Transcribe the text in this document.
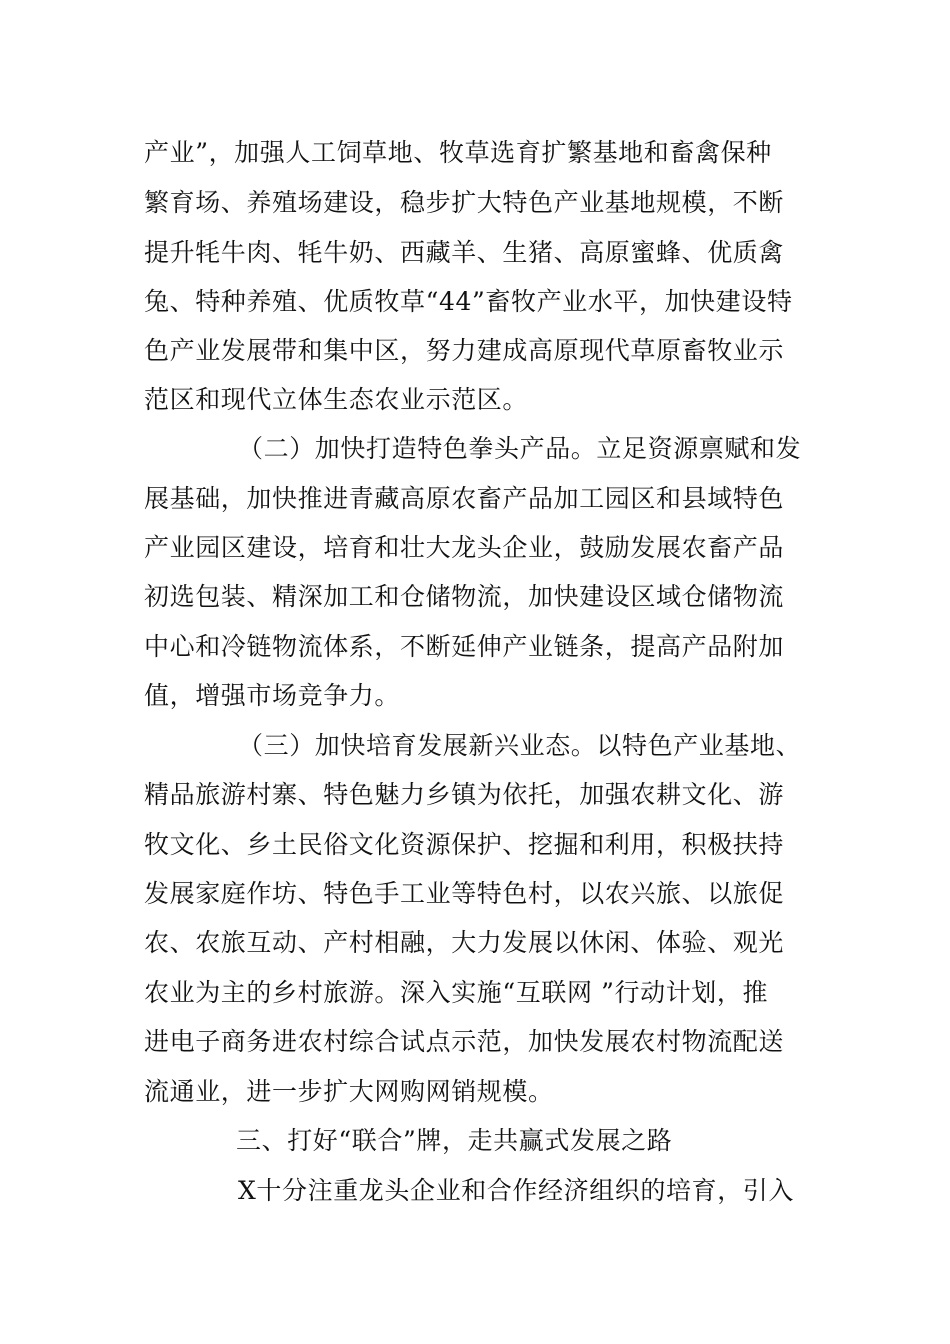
产业”，加强人工饲草地、牧草选育扩繁基地和畜禽保种
繁育场、养殖场建设，稳步扩大特色产业基地规模，不断
提升牦牛肉、牦牛奶、西藏羊、生猪、高原蜜蜂、优质禽
兔、特种养殖、优质牧草“44”畜牧产业水平，加快建设特
色产业发展带和集中区，努力建成高原现代草原畜牧业示
范区和现代立体生态农业示范区。
（二）加快打造特色拳头产品。立足资源禀赋和发
展基础，加快推进青藏高原农畜产品加工园区和县域特色
产业园区建设，培育和壮大龙头企业，鼓励发展农畜产品
初选包装、精深加工和仓储物流，加快建设区域仓储物流
中心和冷链物流体系，不断延伸产业链条，提高产品附加
值，增强市场竞争力。
（三）加快培育发展新兴业态。以特色产业基地、
精品旅游村寨、特色魅力乡镇为依托，加强农耕文化、游
牧文化、乡土民俗文化资源保护、挖掘和利用，积极扶持
发展家庭作坊、特色手工业等特色村，以农兴旅、以旅促
农、农旅互动、产村相融，大力发展以休闲、体验、观光
农业为主的乡村旅游。深入实施“互联网 ”行动计划，推
进电子商务进农村综合试点示范，加快发展农村物流配送
流通业，进一步扩大网购网销规模。
三、打好“联合”牌，走共赢式发展之路
X十分注重龙头企业和合作经济组织的培育，引入
